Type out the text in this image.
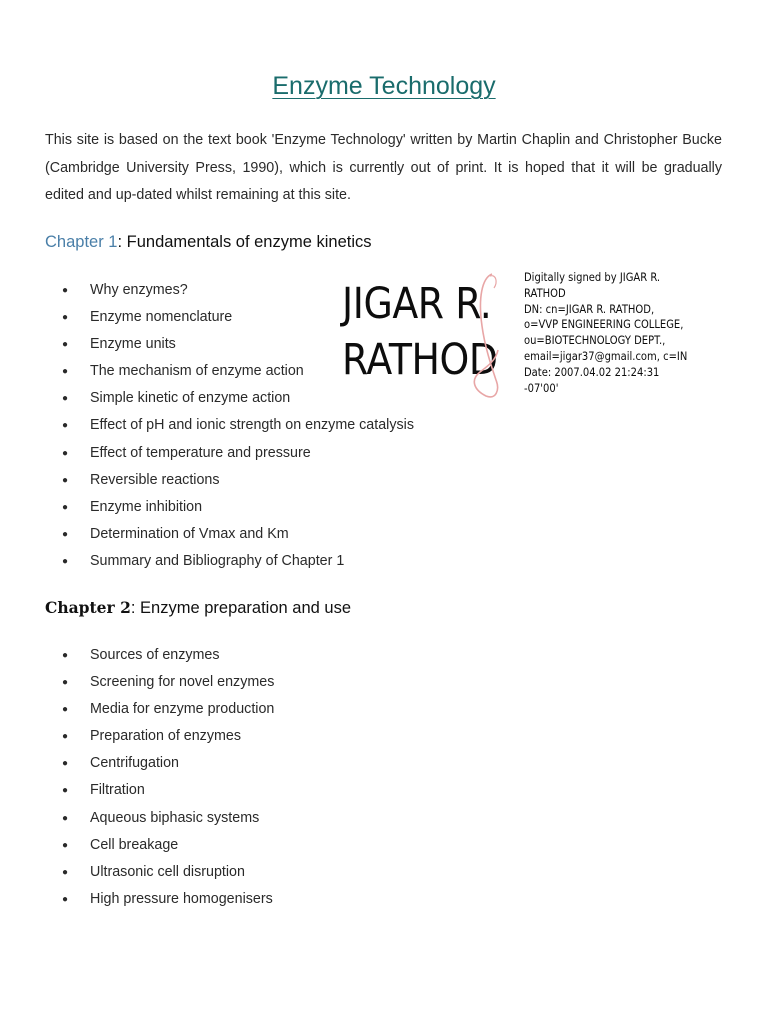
Enzyme Technology

This site is based on the text book 'Enzyme Technology' written by Martin Chaplin and Christopher Bucke (Cambridge University Press, 1990), which is currently out of print. It is hoped that it will be gradually edited and up-dated whilst remaining at this site.

Chapter 1: Fundamentals of enzyme kinetics
● Why enzymes?
● Enzyme nomenclature
● Enzyme units
● The mechanism of enzyme action
● Simple kinetic of enzyme action
● Effect of pH and ionic strength on enzyme catalysis
● Effect of temperature and pressure
● Reversible reactions
● Enzyme inhibition
● Determination of Vmax and Km
● Summary and Bibliography of Chapter 1
JIGAR R.
RATHOD
Digitally signed by JIGAR R.
RATHOD
DN: cn=JIGAR R. RATHOD,
o=VVP ENGINEERING COLLEGE,
ou=BIOTECHNOLOGY DEPT.,
email=jigar37@gmail.com, c=IN
Date: 2007.04.02 21:24:31
-07'00'
Chapter 2: Enzyme preparation and use
● Sources of enzymes
● Screening for novel enzymes
● Media for enzyme production
● Preparation of enzymes
● Centrifugation
● Filtration
● Aqueous biphasic systems
● Cell breakage
● Ultrasonic cell disruption
● High pressure homogenisers
